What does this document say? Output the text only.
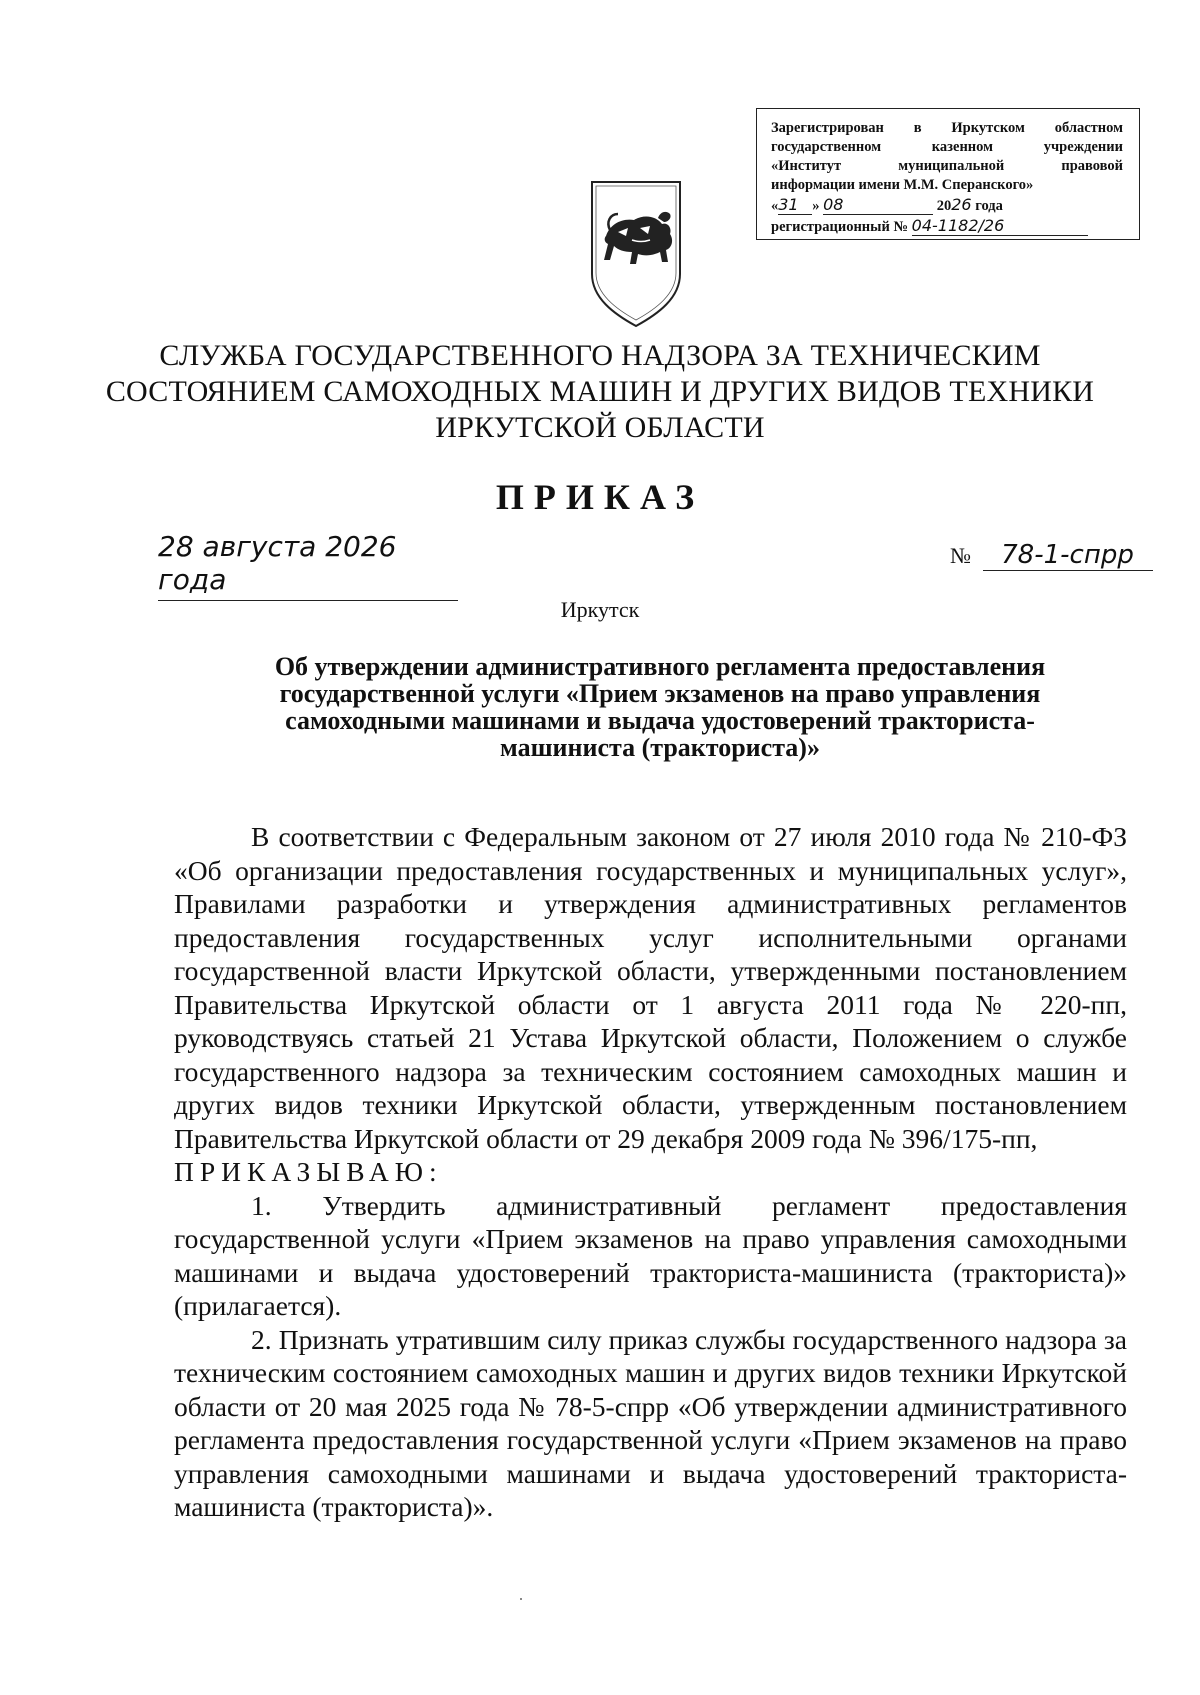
Зарегистрирован в Иркутском областном
государственном казенном учреждении
«Институт муниципальной правовой
информации имени М.М. Сперанского»
«31 » 08	2026 года
регистрационный № 04-1182/26
СЛУЖБА ГОСУДАРСТВЕННОГО НАДЗОРА ЗА ТЕХНИЧЕСКИМ
СОСТОЯНИЕМ САМОХОДНЫХ МАШИН И ДРУГИХ ВИДОВ ТЕХНИКИ
ИРКУТСКОЙ ОБЛАСТИ
ПРИКАЗ
28 августа 2026 года
№ 78-1-спрр
Иркутск
Об утверждении административного регламента предоставления
государственной услуги «Прием экзаменов на право управления
самоходными машинами и выдача удостоверений тракториста-
машиниста (тракториста)»

В соответствии с Федеральным законом от 27 июля 2010 года № 210-ФЗ «Об организации предоставления государственных и муниципальных услуг», Правилами разработки и утверждения административных регламентов предоставления государственных услуг исполнительными органами государственной власти Иркутской области, утвержденными постановлением Правительства Иркутской области от 1 августа 2011 года № 220-пп, руководствуясь статьей 21 Устава Иркутской области, Положением о службе государственного надзора за техническим состоянием самоходных машин и других видов техники Иркутской области, утвержденным постановлением Правительства Иркутской области от 29 декабря 2009 года № 396/175-пп,

ПРИКАЗЫВАЮ:

1. Утвердить административный регламент предоставления государственной услуги «Прием экзаменов на право управления самоходными машинами и выдача удостоверений тракториста-машиниста (тракториста)» (прилагается).

2. Признать утратившим силу приказ службы государственного надзора за техническим состоянием самоходных машин и других видов техники Иркутской области от 20 мая 2025 года № 78-5-спрр «Об утверждении административного регламента предоставления государственной услуги «Прием экзаменов на право управления самоходными машинами и выдача удостоверений тракториста-машиниста (тракториста)».
